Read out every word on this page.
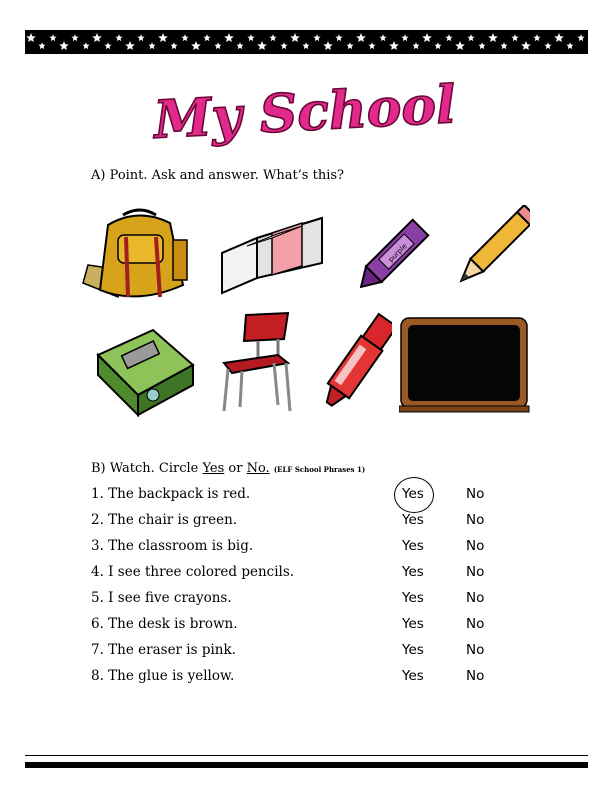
My School
A) Point. Ask and answer. What’s this?
purple
B) Watch. Circle Yes or No. (ELF School Phrases 1)
1. The backpack is red.	Yes	No
2. The chair is green.	Yes	No
3. The classroom is big.	Yes	No
4. I see three colored pencils.	Yes	No
5. I see five crayons.	Yes	No
6. The desk is brown.	Yes	No
7. The eraser is pink.	Yes	No
8. The glue is yellow.	Yes	No
